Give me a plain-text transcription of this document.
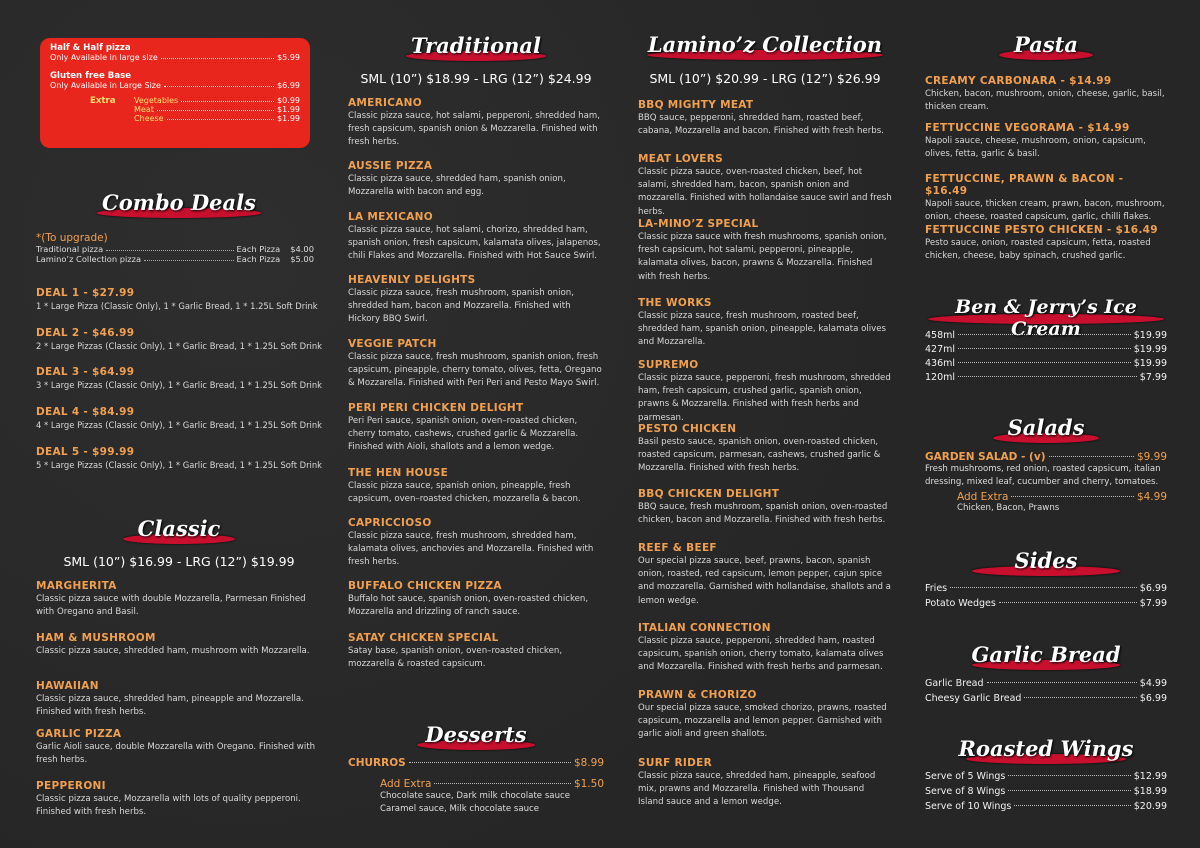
Half & Half pizza
Only Available in large size	$5.99
Gluten free Base
Only Available in Large Size	$6.99
Extra	Vegetables	$0.99
Meat	$1.99
Cheese	$1.99
Combo Deals
*(To upgrade)
Traditional pizza	Each Pizza $4.00
Lamino’z Collection pizza	Each Pizza $5.00
DEAL 1 - $27.99
1 * Large Pizza (Classic Only), 1 * Garlic Bread, 1 * 1.25L Soft Drink
DEAL 2 - $46.99
2 * Large Pizzas (Classic Only), 1 * Garlic Bread, 1 * 1.25L Soft Drink
DEAL 3 - $64.99
3 * Large Pizzas (Classic Only), 1 * Garlic Bread, 1 * 1.25L Soft Drink
DEAL 4 - $84.99
4 * Large Pizzas (Classic Only), 1 * Garlic Bread, 1 * 1.25L Soft Drink
DEAL 5 - $99.99
5 * Large Pizzas (Classic Only), 1 * Garlic Bread, 1 * 1.25L Soft Drink
Classic
SML (10”) $16.99 - LRG (12”) $19.99
MARGHERITA
Classic pizza sauce with double Mozzarella, Parmesan Finished with Oregano and Basil.
HAM & MUSHROOM
Classic pizza sauce, shredded ham, mushroom with Mozzarella.
HAWAIIAN
Classic pizza sauce, shredded ham, pineapple and Mozzarella. Finished with fresh herbs.
GARLIC PIZZA
Garlic Aioli sauce, double Mozzarella with Oregano. Finished with fresh herbs.
PEPPERONI
Classic pizza sauce, Mozzarella with lots of quality pepperoni. Finished with fresh herbs.
Traditional
SML (10”) $18.99 - LRG (12”) $24.99
AMERICANO
Classic pizza sauce, hot salami, pepperoni, shredded ham, fresh capsicum, spanish onion & Mozzarella. Finished with fresh herbs.
AUSSIE PIZZA
Classic pizza sauce, shredded ham, spanish onion, Mozzarella with bacon and egg.
LA MEXICANO
Classic pizza sauce, hot salami, chorizo, shredded ham, spanish onion, fresh capsicum, kalamata olives, jalapenos, chili Flakes and Mozzarella. Finished with Hot Sauce Swirl.
HEAVENLY DELIGHTS
Classic pizza sauce, fresh mushroom, spanish onion, shredded ham, bacon and Mozzarella. Finished with Hickory BBQ Swirl.
VEGGIE PATCH
Classic pizza sauce, fresh mushroom, spanish onion, fresh capsicum, pineapple, cherry tomato, olives, fetta, Oregano & Mozzarella. Finished with Peri Peri and Pesto Mayo Swirl.
PERI PERI CHICKEN DELIGHT
Peri Peri sauce, spanish onion, oven–roasted chicken, cherry tomato, cashews, crushed garlic & Mozzarella. Finished with Aioli, shallots and a lemon wedge.
THE HEN HOUSE
Classic pizza sauce, spanish onion, pineapple, fresh capsicum, oven–roasted chicken, mozzarella & bacon.
CAPRICCIOSO
Classic pizza sauce, fresh mushroom, shredded ham, kalamata olives, anchovies and Mozzarella. Finished with fresh herbs.
BUFFALO CHICKEN PIZZA
Buffalo hot sauce, spanish onion, oven-roasted chicken, Mozzarella and drizzling of ranch sauce.
SATAY CHICKEN SPECIAL
Satay base, spanish onion, oven–roasted chicken, mozzarella & roasted capsicum.
Desserts
CHURROS	$8.99
Add Extra	$1.50
Chocolate sauce, Dark milk chocolate sauce
Caramel sauce, Milk chocolate sauce
Lamino’z Collection
SML (10”) $20.99 - LRG (12”) $26.99
BBQ MIGHTY MEAT
BBQ sauce, pepperoni, shredded ham, roasted beef, cabana, Mozzarella and bacon. Finished with fresh herbs.
MEAT LOVERS
Classic pizza sauce, oven-roasted chicken, beef, hot salami, shredded ham, bacon, spanish onion and mozzarella. Finished with hollandaise sauce swirl and fresh herbs.
LA-MINO’Z SPECIAL
Classic pizza sauce with fresh mushrooms, spanish onion, fresh capsicum, hot salami, pepperoni, pineapple, kalamata olives, bacon, prawns & Mozzarella. Finished with fresh herbs.
THE WORKS
Classic pizza sauce, fresh mushroom, roasted beef, shredded ham, spanish onion, pineapple, kalamata olives and Mozzarella.
SUPREMO
Classic pizza sauce, pepperoni, fresh mushroom, shredded ham, fresh capsicum, crushed garlic, spanish onion, prawns & Mozzarella. Finished with fresh herbs and parmesan.
PESTO CHICKEN
Basil pesto sauce, spanish onion, oven-roasted chicken, roasted capsicum, parmesan, cashews, crushed garlic & Mozzarella. Finished with fresh herbs.
BBQ CHICKEN DELIGHT
BBQ sauce, fresh mushroom, spanish onion, oven-roasted chicken, bacon and Mozzarella. Finished with fresh herbs.
REEF & BEEF
Our special pizza sauce, beef, prawns, bacon, spanish onion, roasted, red capsicum, lemon pepper, cajun spice and mozzarella. Garnished with hollandaise, shallots and a lemon wedge.
ITALIAN CONNECTION
Classic pizza sauce, pepperoni, shredded ham, roasted capsicum, spanish onion, cherry tomato, kalamata olives and Mozzarella. Finished with fresh herbs and parmesan.
PRAWN & CHORIZO
Our special pizza sauce, smoked chorizo, prawns, roasted capsicum, mozzarella and lemon pepper. Garnished with garlic aioli and green shallots.
SURF RIDER
Classic pizza sauce, shredded ham, pineapple, seafood mix, prawns and Mozzarella. Finished with Thousand Island sauce and a lemon wedge.
Pasta
CREAMY CARBONARA - $14.99
Chicken, bacon, mushroom, onion, cheese, garlic, basil, thicken cream.
FETTUCCINE VEGORAMA - $14.99
Napoli sauce, cheese, mushroom, onion, capsicum, olives, fetta, garlic & basil.
FETTUCCINE, PRAWN & BACON - $16.49
Napoli sauce, thicken cream, prawn, bacon, mushroom, onion, cheese, roasted capsicum, garlic, chilli flakes.
FETTUCCINE PESTO CHICKEN - $16.49
Pesto sauce, onion, roasted capsicum, fetta, roasted chicken, cheese, baby spinach, crushed garlic.
Ben & Jerry’s Ice Cream
458ml	$19.99
427ml	$19.99
436ml	$19.99
120ml	$7.99
Salads
GARDEN SALAD - (v)	$9.99
Fresh mushrooms, red onion, roasted capsicum, italian dressing, mixed leaf, cucumber and cherry, tomatoes.
Add Extra	$4.99
Chicken, Bacon, Prawns
Sides
Fries	$6.99
Potato Wedges	$7.99
Garlic Bread
Garlic Bread	$4.99
Cheesy Garlic Bread	$6.99
Roasted Wings
Serve of 5 Wings	$12.99
Serve of 8 Wings	$18.99
Serve of 10 Wings	$20.99
